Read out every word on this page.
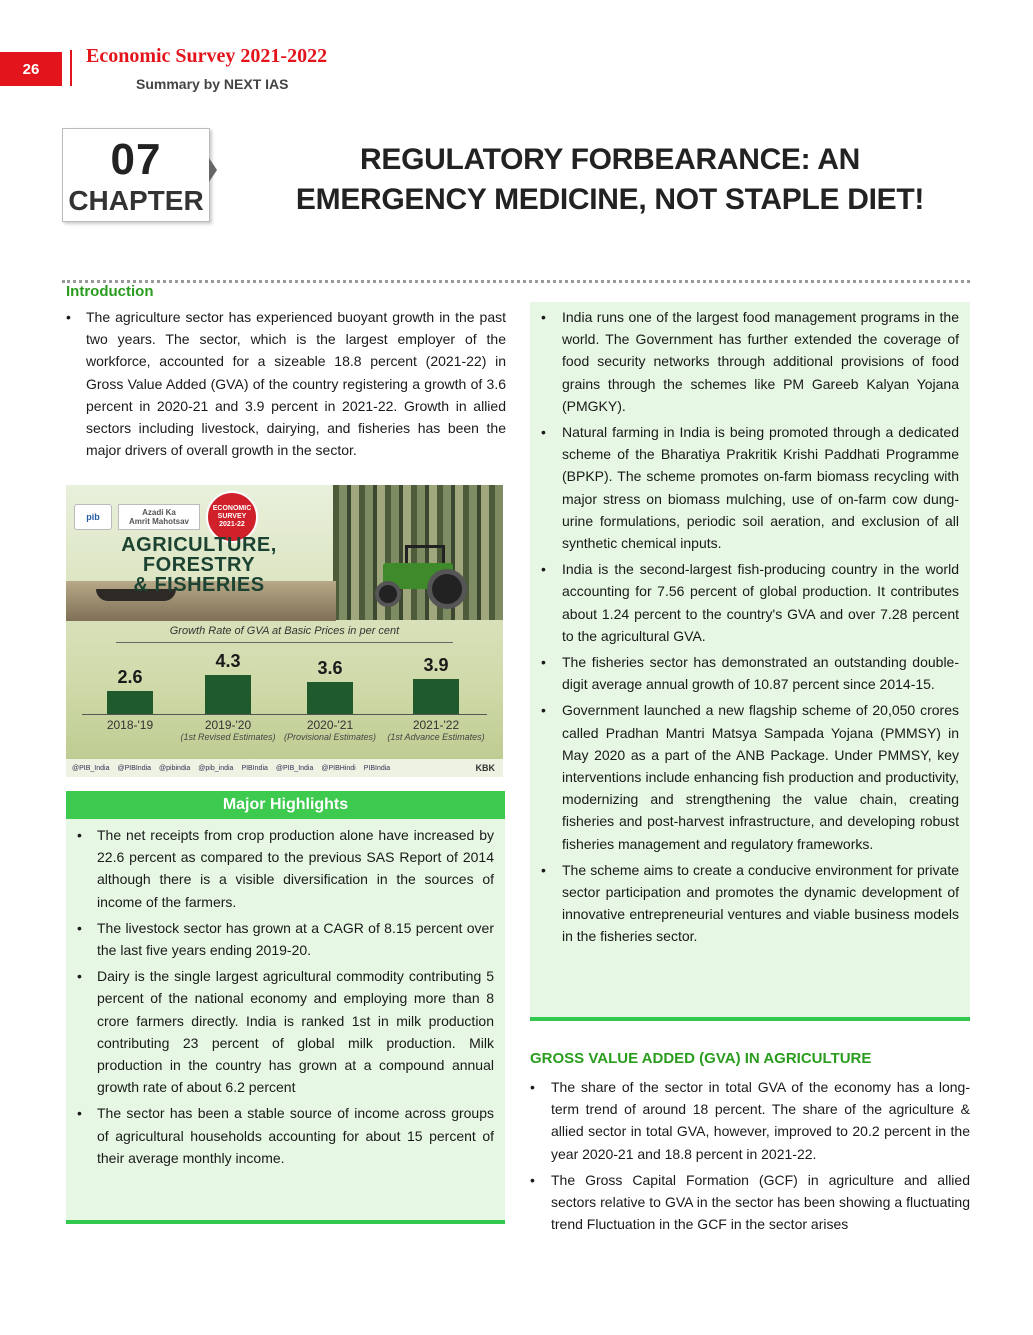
26
Economic Survey 2021-2022
Summary by NEXT IAS
07
CHAPTER
REGULATORY FORBEARANCE: AN
EMERGENCY MEDICINE, NOT STAPLE DIET!
Introduction
• The agriculture sector has experienced buoyant growth in the past two years. The sector, which is the largest employer of the workforce, accounted for a sizeable 18.8 percent (2021-22) in Gross Value Added (GVA) of the country registering a growth of 3.6 percent in 2020-21 and 3.9 percent in 2021-22. Growth in allied sectors including livestock, dairying, and fisheries has been the major drivers of overall growth in the sector.
pib	Azadi Ka
Amrit Mahotsav
ECONOMIC
SURVEY
2021-22
AGRICULTURE,
FORESTRY
& FISHERIES
Growth Rate of GVA at Basic Prices in per cent
2.6
4.3	3.6	3.9
2018-'19	2019-'20
(1st Revised Estimates)
2020-'21
(Provisional Estimates)
2021-'22
(1st Advance Estimates)
@PIB_India @PIBIndia @pibindia @pib_india PIBIndia @PIB_India @PIBHindi PIBIndia	KBK
Major Highlights
• The net receipts from crop production alone have increased by 22.6 percent as compared to the previous SAS Report of 2014 although there is a visible diversification in the sources of income of the farmers.
• The livestock sector has grown at a CAGR of 8.15 percent over the last five years ending 2019-20.
• Dairy is the single largest agricultural commodity contributing 5 percent of the national economy and employing more than 8 crore farmers directly. India is ranked 1st in milk production contributing 23 percent of global milk production. Milk production in the country has grown at a compound annual growth rate of about 6.2 percent
• The sector has been a stable source of income across groups of agricultural households accounting for about 15 percent of their average monthly income.
• India runs one of the largest food management programs in the world. The Government has further extended the coverage of food security networks through additional provisions of food grains through the schemes like PM Gareeb Kalyan Yojana (PMGKY).
• Natural farming in India is being promoted through a dedicated scheme of the Bharatiya Prakritik Krishi Paddhati Programme (BPKP). The scheme promotes on-farm biomass recycling with major stress on biomass mulching, use of on-farm cow dung-urine formulations, periodic soil aeration, and exclusion of all synthetic chemical inputs.
• India is the second-largest fish-producing country in the world accounting for 7.56 percent of global production. It contributes about 1.24 percent to the country's GVA and over 7.28 percent to the agricultural GVA.
• The fisheries sector has demonstrated an outstanding double-digit average annual growth of 10.87 percent since 2014-15.
• Government launched a new flagship scheme of 20,050 crores called Pradhan Mantri Matsya Sampada Yojana (PMMSY) in May 2020 as a part of the ANB Package. Under PMMSY, key interventions include enhancing fish production and productivity, modernizing and strengthening the value chain, creating fisheries and post-harvest infrastructure, and developing robust fisheries management and regulatory frameworks.
• The scheme aims to create a conducive environment for private sector participation and promotes the dynamic development of innovative entrepreneurial ventures and viable business models in the fisheries sector.
GROSS VALUE ADDED (GVA) IN AGRICULTURE
• The share of the sector in total GVA of the economy has a long-term trend of around 18 percent. The share of the agriculture & allied sector in total GVA, however, improved to 20.2 percent in the year 2020-21 and 18.8 percent in 2021-22.
• The Gross Capital Formation (GCF) in agriculture and allied sectors relative to GVA in the sector has been showing a fluctuating trend Fluctuation in the GCF in the sector arises
